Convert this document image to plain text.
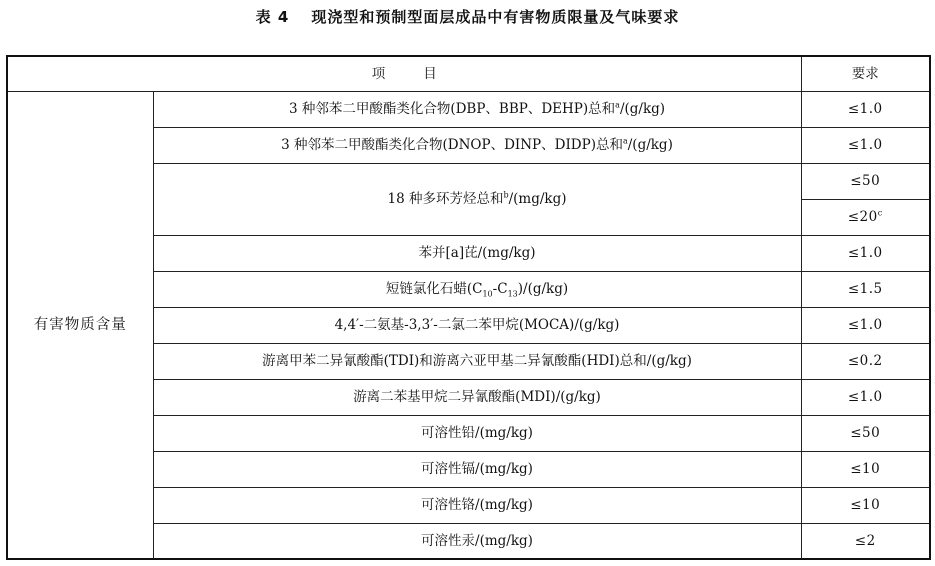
表 4 现浇型和预制型面层成品中有害物质限量及气味要求
项 目		要求
有害物质含量	3 种邻苯二甲酸酯类化合物(DBP、BBP、DEHP)总和$^a$/(g/kg)	≤1.0
	3 种邻苯二甲酸酯类化合物(DNOP、DINP、DIDP)总和$^a$/(g/kg)	≤1.0
	18 种多环芳烃总和$^b$/(mg/kg)	≤50
		$\le 20^c$
	苯并[a]芘/(mg/kg)	≤1.0
	短链氯化石蜡$(C_{10}-C_{13})/(g/kg)$	≤1.5
	4,4′-二氨基-3,3′-二氯二苯甲烷(MOCA)/(g/kg)	≤1.0
	游离甲苯二异氰酸酯(TDI)和游离六亚甲基二异氰酸酯(HDI)总和/(g/kg)	≤0.2
	游离二苯基甲烷二异氰酸酯(MDI)/(g/kg)	≤1.0
	可溶性铅/(mg/kg)	≤50
	可溶性镉/(mg/kg)	≤10
	可溶性铬/(mg/kg)	≤10
	可溶性汞/(mg/kg)	≤2
